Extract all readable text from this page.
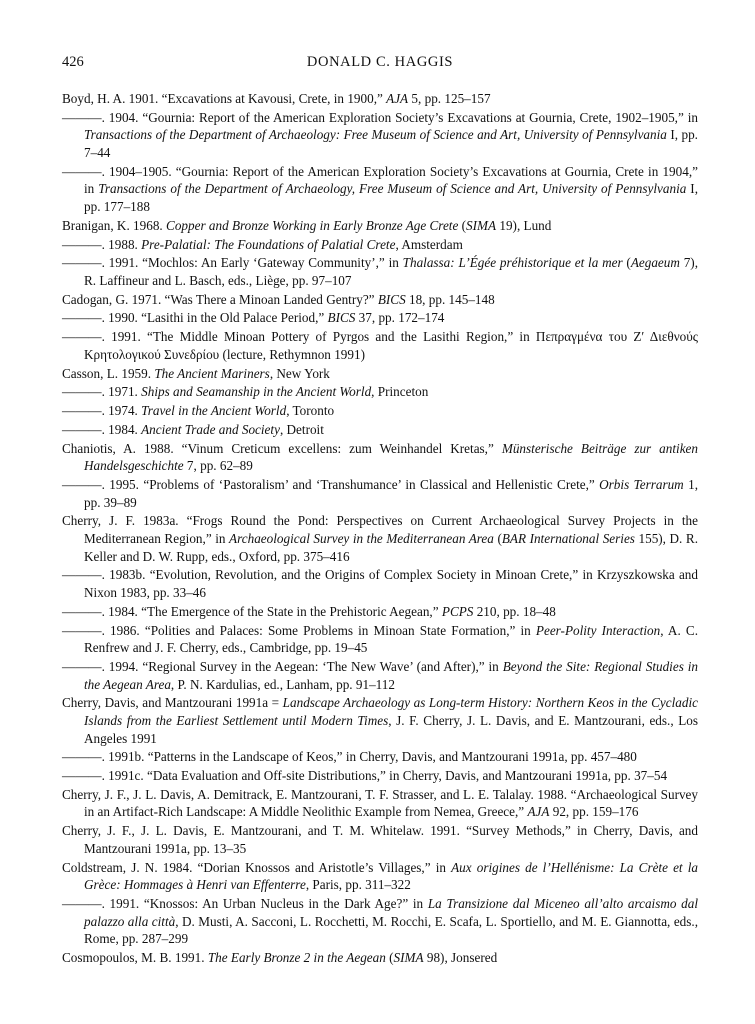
426	DONALD C. HAGGIS

Boyd, H. A. 1901. “Excavations at Kavousi, Crete, in 1900,” AJA 5, pp. 125–157

———. 1904. “Gournia: Report of the American Exploration Society’s Excavations at Gournia, Crete, 1902–1905,” in Transactions of the Department of Archaeology: Free Museum of Science and Art, University of Pennsylvania I, pp. 7–44

———. 1904–1905. “Gournia: Report of the American Exploration Society’s Excavations at Gournia, Crete in 1904,” in Transactions of the Department of Archaeology, Free Museum of Science and Art, University of Pennsylvania I, pp. 177–188

Branigan, K. 1968. Copper and Bronze Working in Early Bronze Age Crete (SIMA 19), Lund

———. 1988. Pre-Palatial: The Foundations of Palatial Crete, Amsterdam

———. 1991. “Mochlos: An Early ‘Gateway Community’,” in Thalassa: L’Égée préhistorique et la mer (Aegaeum 7), R. Laffineur and L. Basch, eds., Liège, pp. 97–107

Cadogan, G. 1971. “Was There a Minoan Landed Gentry?” BICS 18, pp. 145–148

———. 1990. “Lasithi in the Old Palace Period,” BICS 37, pp. 172–174

———. 1991. “The Middle Minoan Pottery of Pyrgos and the Lasithi Region,” in Πεπραγμένα του Ζ′ Διεθνούς Κρητολογικού Συνεδρίου (lecture, Rethymnon 1991)

Casson, L. 1959. The Ancient Mariners, New York

———. 1971. Ships and Seamanship in the Ancient World, Princeton

———. 1974. Travel in the Ancient World, Toronto

———. 1984. Ancient Trade and Society, Detroit

Chaniotis, A. 1988. “Vinum Creticum excellens: zum Weinhandel Kretas,” Münsterische Beiträge zur antiken Handelsgeschichte 7, pp. 62–89

———. 1995. “Problems of ‘Pastoralism’ and ‘Transhumance’ in Classical and Hellenistic Crete,” Orbis Terrarum 1, pp. 39–89

Cherry, J. F. 1983a. “Frogs Round the Pond: Perspectives on Current Archaeological Survey Projects in the Mediterranean Region,” in Archaeological Survey in the Mediterranean Area (BAR International Series 155), D. R. Keller and D. W. Rupp, eds., Oxford, pp. 375–416

———. 1983b. “Evolution, Revolution, and the Origins of Complex Society in Minoan Crete,” in Krzyszkowska and Nixon 1983, pp. 33–46

———. 1984. “The Emergence of the State in the Prehistoric Aegean,” PCPS 210, pp. 18–48

———. 1986. “Polities and Palaces: Some Problems in Minoan State Formation,” in Peer-Polity Interaction, A. C. Renfrew and J. F. Cherry, eds., Cambridge, pp. 19–45

———. 1994. “Regional Survey in the Aegean: ‘The New Wave’ (and After),” in Beyond the Site: Regional Studies in the Aegean Area, P. N. Kardulias, ed., Lanham, pp. 91–112

Cherry, Davis, and Mantzourani 1991a = Landscape Archaeology as Long-term History: Northern Keos in the Cycladic Islands from the Earliest Settlement until Modern Times, J. F. Cherry, J. L. Davis, and E. Mantzourani, eds., Los Angeles 1991

———. 1991b. “Patterns in the Landscape of Keos,” in Cherry, Davis, and Mantzourani 1991a, pp. 457–480

———. 1991c. “Data Evaluation and Off-site Distributions,” in Cherry, Davis, and Mantzourani 1991a, pp. 37–54

Cherry, J. F., J. L. Davis, A. Demitrack, E. Mantzourani, T. F. Strasser, and L. E. Talalay. 1988. “Archaeological Survey in an Artifact-Rich Landscape: A Middle Neolithic Example from Nemea, Greece,” AJA 92, pp. 159–176

Cherry, J. F., J. L. Davis, E. Mantzourani, and T. M. Whitelaw. 1991. “Survey Methods,” in Cherry, Davis, and Mantzourani 1991a, pp. 13–35

Coldstream, J. N. 1984. “Dorian Knossos and Aristotle’s Villages,” in Aux origines de l’Hellénisme: La Crète et la Grèce: Hommages à Henri van Effenterre, Paris, pp. 311–322

———. 1991. “Knossos: An Urban Nucleus in the Dark Age?” in La Transizione dal Miceneo all’alto arcaismo dal palazzo alla città, D. Musti, A. Sacconi, L. Rocchetti, M. Rocchi, E. Scafa, L. Sportiello, and M. E. Giannotta, eds., Rome, pp. 287–299

Cosmopoulos, M. B. 1991. The Early Bronze 2 in the Aegean (SIMA 98), Jonsered
